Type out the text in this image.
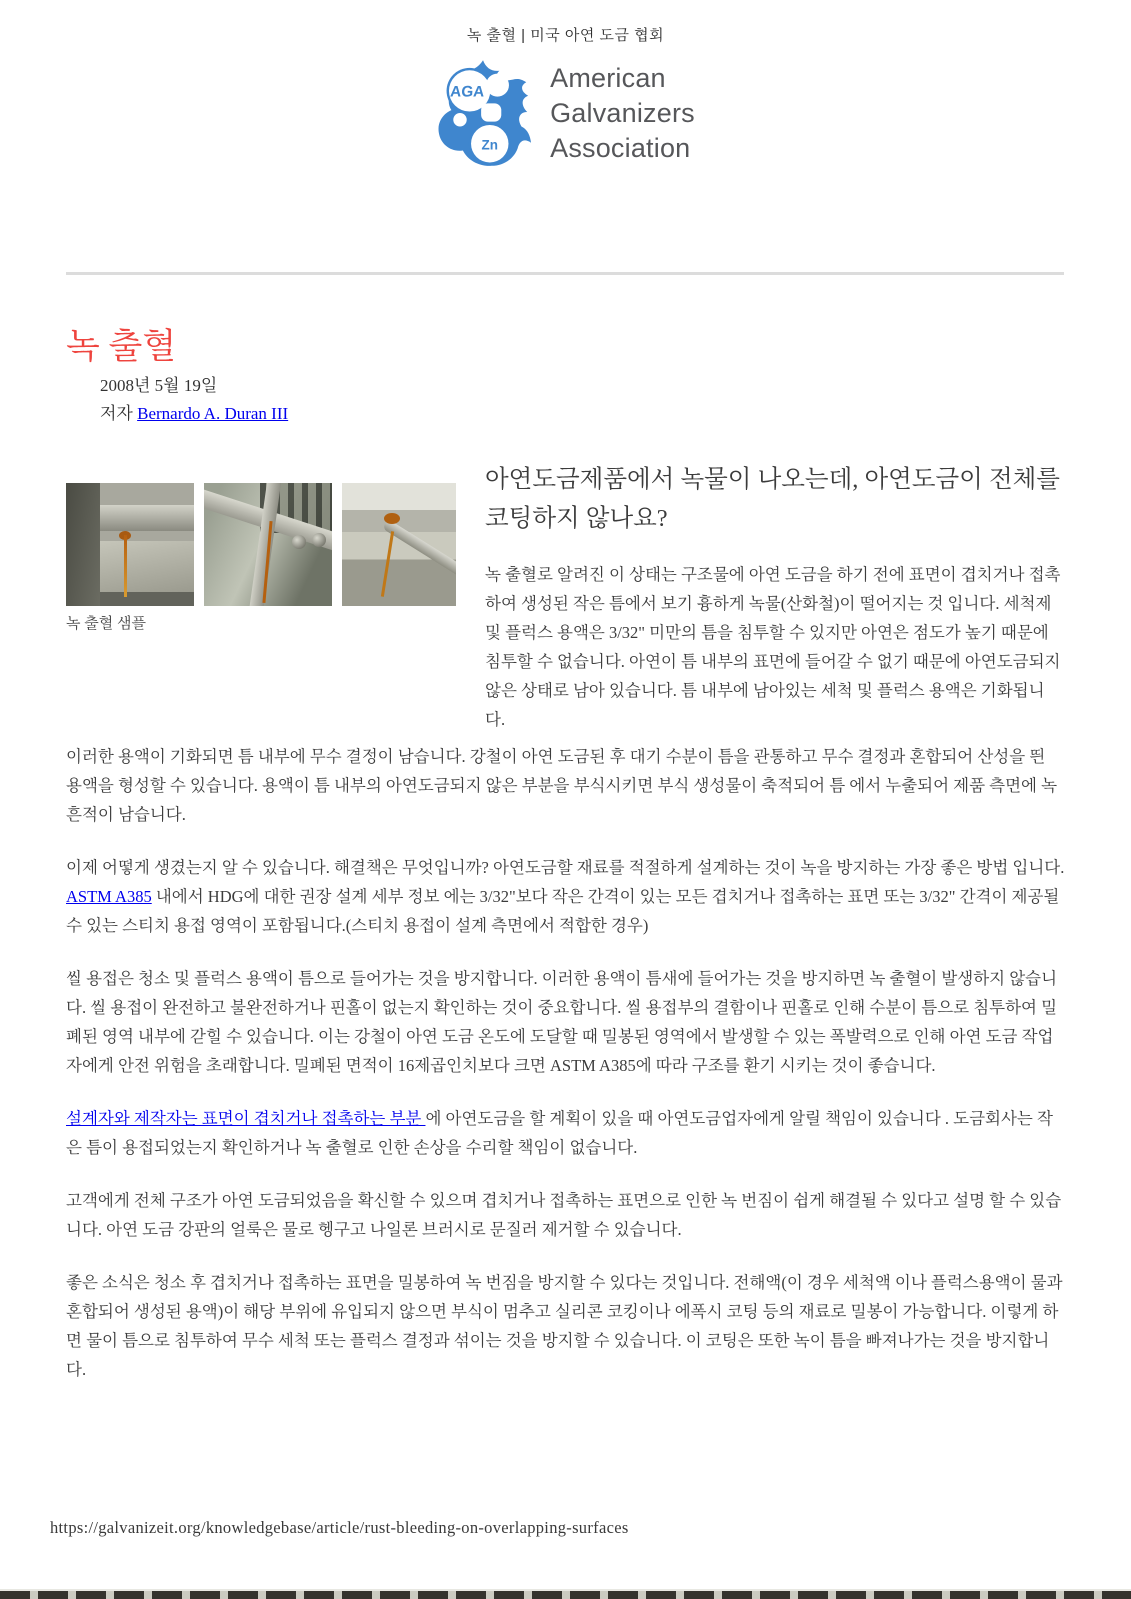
녹 출혈 | 미국 아연 도금 협회
AGA
Zn
American
Galvanizers
Association
녹 출혈
2008년 5월 19일
저자 Bernardo A. Duran III
녹 출혈 샘플
아연도금제품에서 녹물이 나오는데, 아연도금이 전체를 코팅하지 않나요?

녹 출혈로 알려진 이 상태는 구조물에 아연 도금을 하기 전에 표면이 겹치거나 접촉하여 생성된 작은 틈에서 보기 흉하게 녹물(산화철)이 떨어지는 것 입니다. 세척제 및 플럭스 용액은 3/32" 미만의 틈을 침투할 수 있지만 아연은 점도가 높기 때문에 침투할 수 없습니다. 아연이 틈 내부의 표면에 들어갈 수 없기 때문에 아연도금되지 않은 상태로 남아 있습니다. 틈 내부에 남아있는 세척 및 플럭스 용액은 기화됩니다.

이러한 용액이 기화되면 틈 내부에 무수 결정이 남습니다. 강철이 아연 도금된 후 대기 수분이 틈을 관통하고 무수 결정과 혼합되어 산성을 띈 용액을 형성할 수 있습니다. 용액이 틈 내부의 아연도금되지 않은 부분을 부식시키면 부식 생성물이 축적되어 틈 에서 누출되어 제품 측면에 녹 흔적이 남습니다.

이제 어떻게 생겼는지 알 수 있습니다. 해결책은 무엇입니까? 아연도금할 재료를 적절하게 설계하는 것이 녹을 방지하는 가장 좋은 방법 입니다. ASTM A385 내에서 HDG에 대한 권장 설계 세부 정보 에는 3/32"보다 작은 간격이 있는 모든 겹치거나 접촉하는 표면 또는 3/32" 간격이 제공될 수 있는 스티치 용접 영역이 포함됩니다.(스티치 용접이 설계 측면에서 적합한 경우)

씰 용접은 청소 및 플럭스 용액이 틈으로 들어가는 것을 방지합니다. 이러한 용액이 틈새에 들어가는 것을 방지하면 녹 출혈이 발생하지 않습니다. 씰 용접이 완전하고 불완전하거나 핀홀이 없는지 확인하는 것이 중요합니다. 씰 용접부의 결함이나 핀홀로 인해 수분이 틈으로 침투하여 밀폐된 영역 내부에 갇힐 수 있습니다. 이는 강철이 아연 도금 온도에 도달할 때 밀봉된 영역에서 발생할 수 있는 폭발력으로 인해 아연 도금 작업자에게 안전 위험을 초래합니다. 밀폐된 면적이 16제곱인치보다 크면 ASTM A385에 따라 구조를 환기 시키는 것이 좋습니다.

설계자와 제작자는 표면이 겹치거나 접촉하는 부분 에 아연도금을 할 계획이 있을 때 아연도금업자에게 알릴 책임이 있습니다 . 도금회사는 작은 틈이 용접되었는지 확인하거나 녹 출혈로 인한 손상을 수리할 책임이 없습니다.

고객에게 전체 구조가 아연 도금되었음을 확신할 수 있으며 겹치거나 접촉하는 표면으로 인한 녹 번짐이 쉽게 해결될 수 있다고 설명 할 수 있습니다. 아연 도금 강판의 얼룩은 물로 헹구고 나일론 브러시로 문질러 제거할 수 있습니다.

좋은 소식은 청소 후 겹치거나 접촉하는 표면을 밀봉하여 녹 번짐을 방지할 수 있다는 것입니다. 전해액(이 경우 세척액 이나 플럭스용액이 물과 혼합되어 생성된 용액)이 해당 부위에 유입되지 않으면 부식이 멈추고 실리콘 코킹이나 에폭시 코팅 등의 재료로 밀봉이 가능합니다. 이렇게 하면 물이 틈으로 침투하여 무수 세척 또는 플럭스 결정과 섞이는 것을 방지할 수 있습니다. 이 코팅은 또한 녹이 틈을 빠져나가는 것을 방지합니다.

https://galvanizeit.org/knowledgebase/article/rust-bleeding-on-overlapping-surfaces
